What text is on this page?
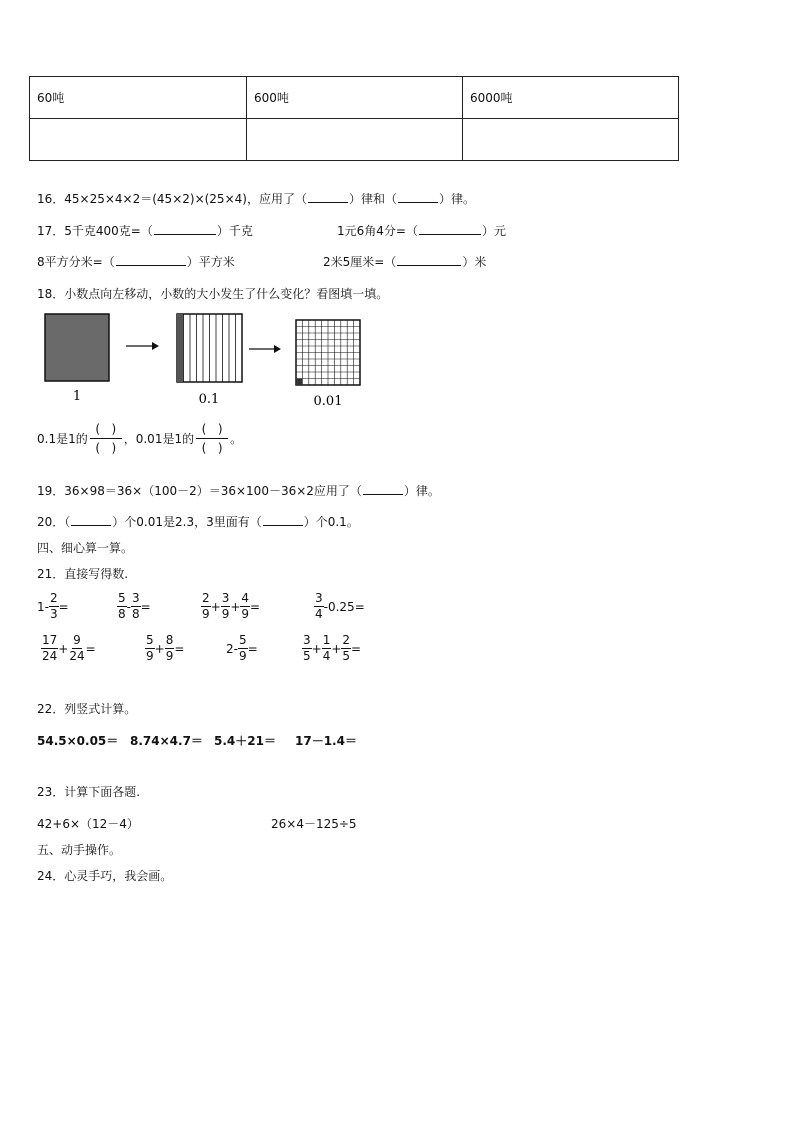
60吨	600吨	6000吨

16．45×25×4×2＝(45×2)×(25×4)，应用了（	）律和（	）律。
17．5千克400克=（	）千克	1元6角4分=（	）元
8平方分米=（	）平方米	2米5厘米=（	）米
18．小数点向左移动，小数的大小发生了什么变化？看图填一填。
1	0.1	0.01
0.1是1的 $\frac{( )}{( )}$ ，0.01是1的 $\frac{( )}{( )}$ 。
19．36×98＝36×（100－2）＝36×100－36×2应用了（	）律。
20．（	）个0.01是2.3，3里面有（	）个0.1。
四、细心算一算。
21．直接写得数.
$1- \frac{2}{3}$ =	$\frac{5}{8} - \frac{3}{8}$ =	$\frac{2}{9} + \frac{3}{9} + \frac{4}{9}$ =	$\frac{3}{4} -0.25=$
$\frac{17}{24} + \frac{9}{24}$ =	$\frac{5}{9} + \frac{8}{9}$ =	$2- \frac{5}{9}$ =	$\frac{3}{5} + \frac{1}{4} + \frac{2}{5}$ =
22．列竖式计算。
54.5×0.05＝ 8.74×4.7＝ 5.4＋21＝ 17－1.4＝
23．计算下面各题.
42+6×（12－4）	26×4－125÷5
五、动手操作。
24．心灵手巧，我会画。
